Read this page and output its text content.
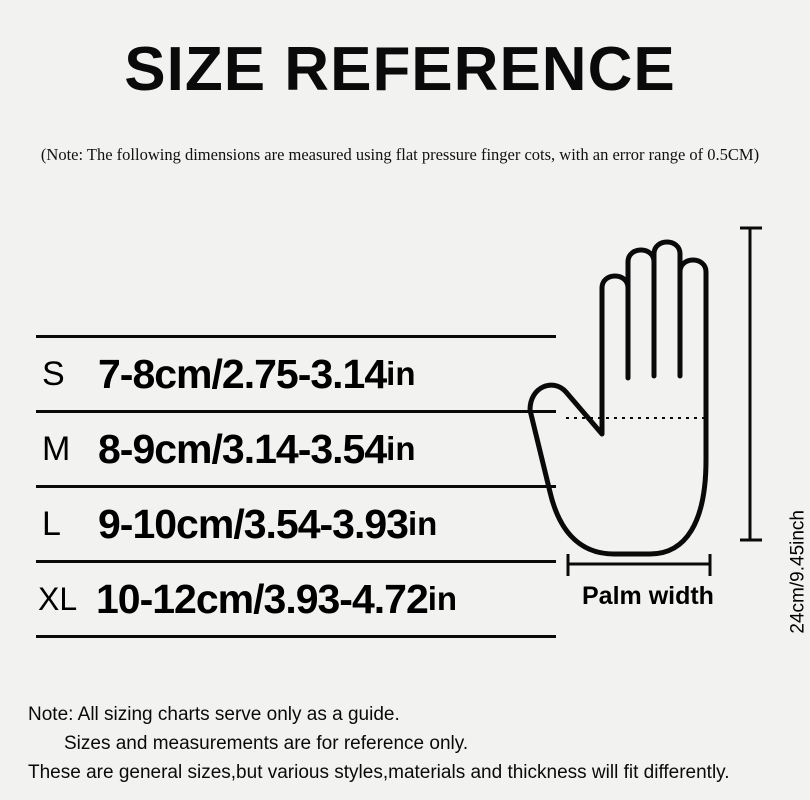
SIZE REFERENCE
(Note: The following dimensions are measured using flat pressure finger cots, with an error range of 0.5CM)
S 7-8cm/2.75-3.14 in
M 8-9cm/3.14-3.54 in
L 9-10cm/3.54-3.93 in
XL 10-12cm/3.93-4.72 in	24cm/9.45inch
Palm width
Note: All sizing charts serve only as a guide.
Sizes and measurements are for reference only.
These are general sizes,but various styles,materials and thickness will fit differently.
